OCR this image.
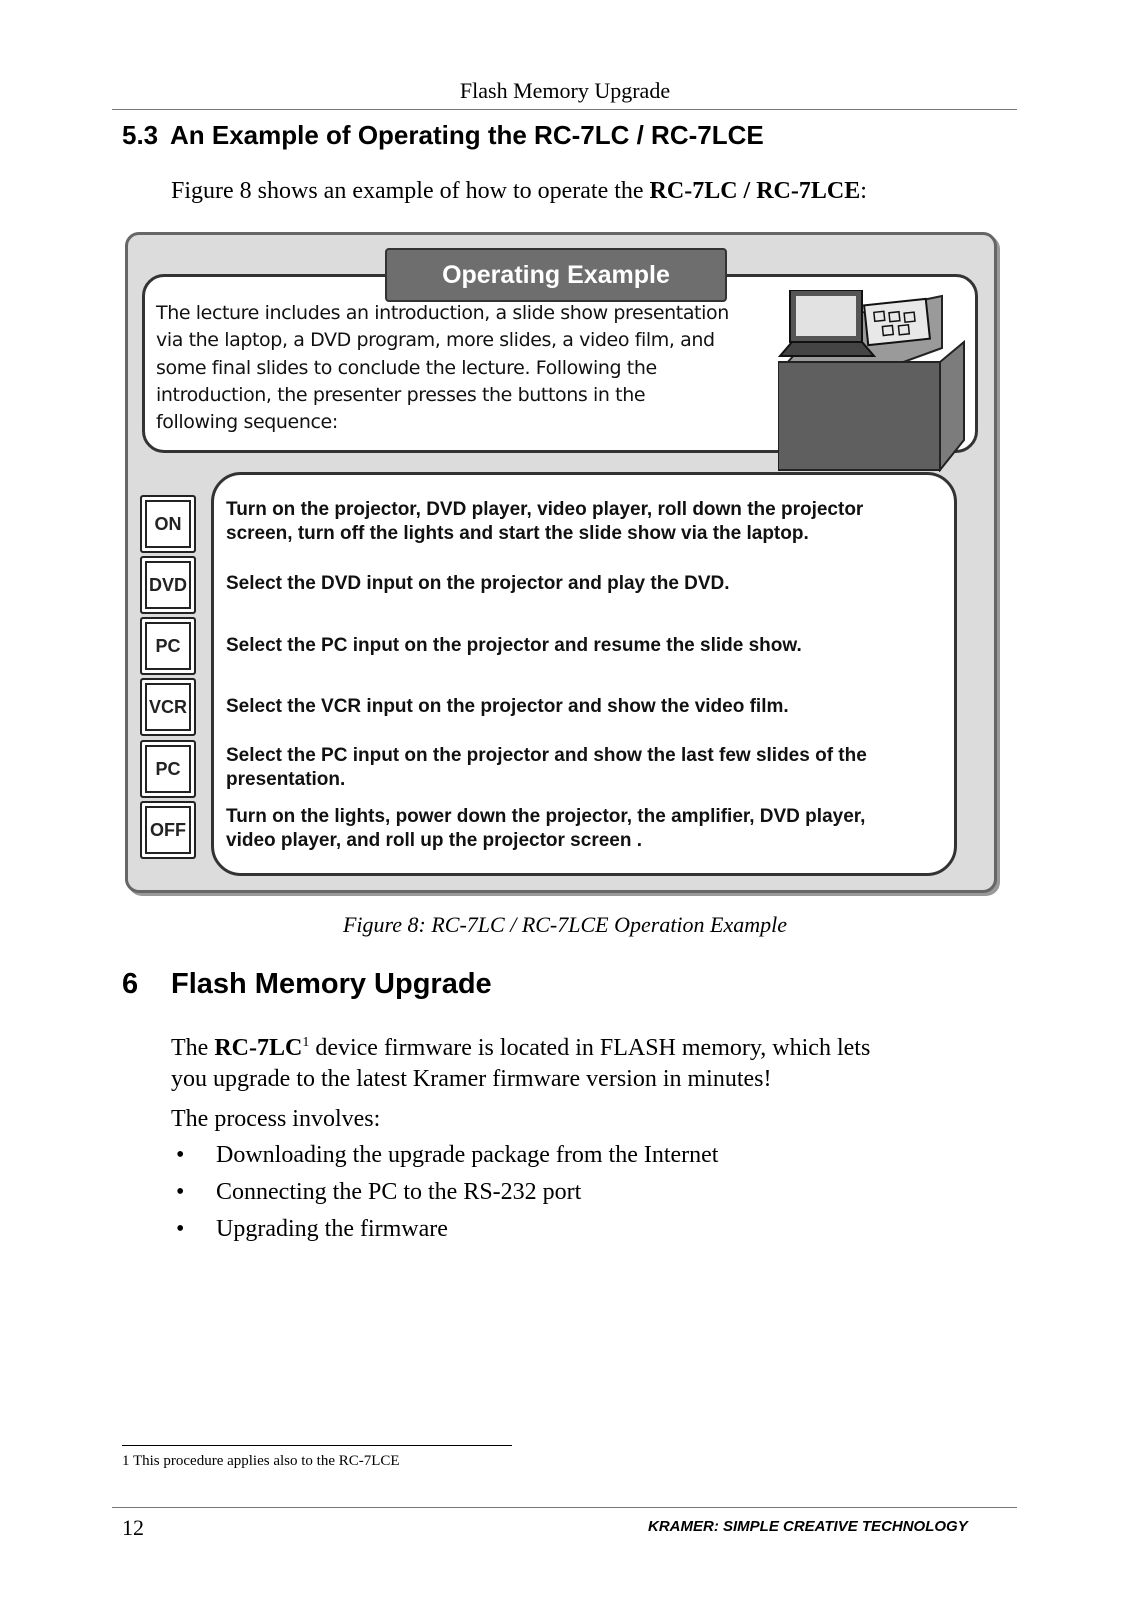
Flash Memory Upgrade
5.3 An Example of Operating the RC-7LC / RC-7LCE
Figure 8 shows an example of how to operate the RC-7LC / RC-7LCE:
Operating Example
The lecture includes an introduction, a slide show presentation
via the laptop, a DVD program, more slides, a video film, and
some final slides to conclude the lecture. Following the
introduction, the presenter presses the buttons in the
following sequence:
ON
DVD
PC
VCR
PC
OFF
Turn on the projector, DVD player, video player, roll down the projector
screen, turn off the lights and start the slide show via the laptop.
Select the DVD input on the projector and play the DVD.
Select the PC input on the projector and resume the slide show.
Select the VCR input on the projector and show the video film.
Select the PC input on the projector and show the last few slides of the
presentation.
Turn on the lights, power down the projector, the amplifier, DVD player,
video player, and roll up the projector screen .
Figure 8: RC-7LC / RC-7LCE Operation Example
6 Flash Memory Upgrade
The $RC-7LC^1$ device firmware is located in FLASH memory, which lets
you upgrade to the latest Kramer firmware version in minutes!
The process involves:
• Downloading the upgrade package from the Internet
• Connecting the PC to the RS-232 port
• Upgrading the firmware
1 This procedure applies also to the RC-7LCE
12	KRAMER: SIMPLE CREATIVE TECHNOLOGY
